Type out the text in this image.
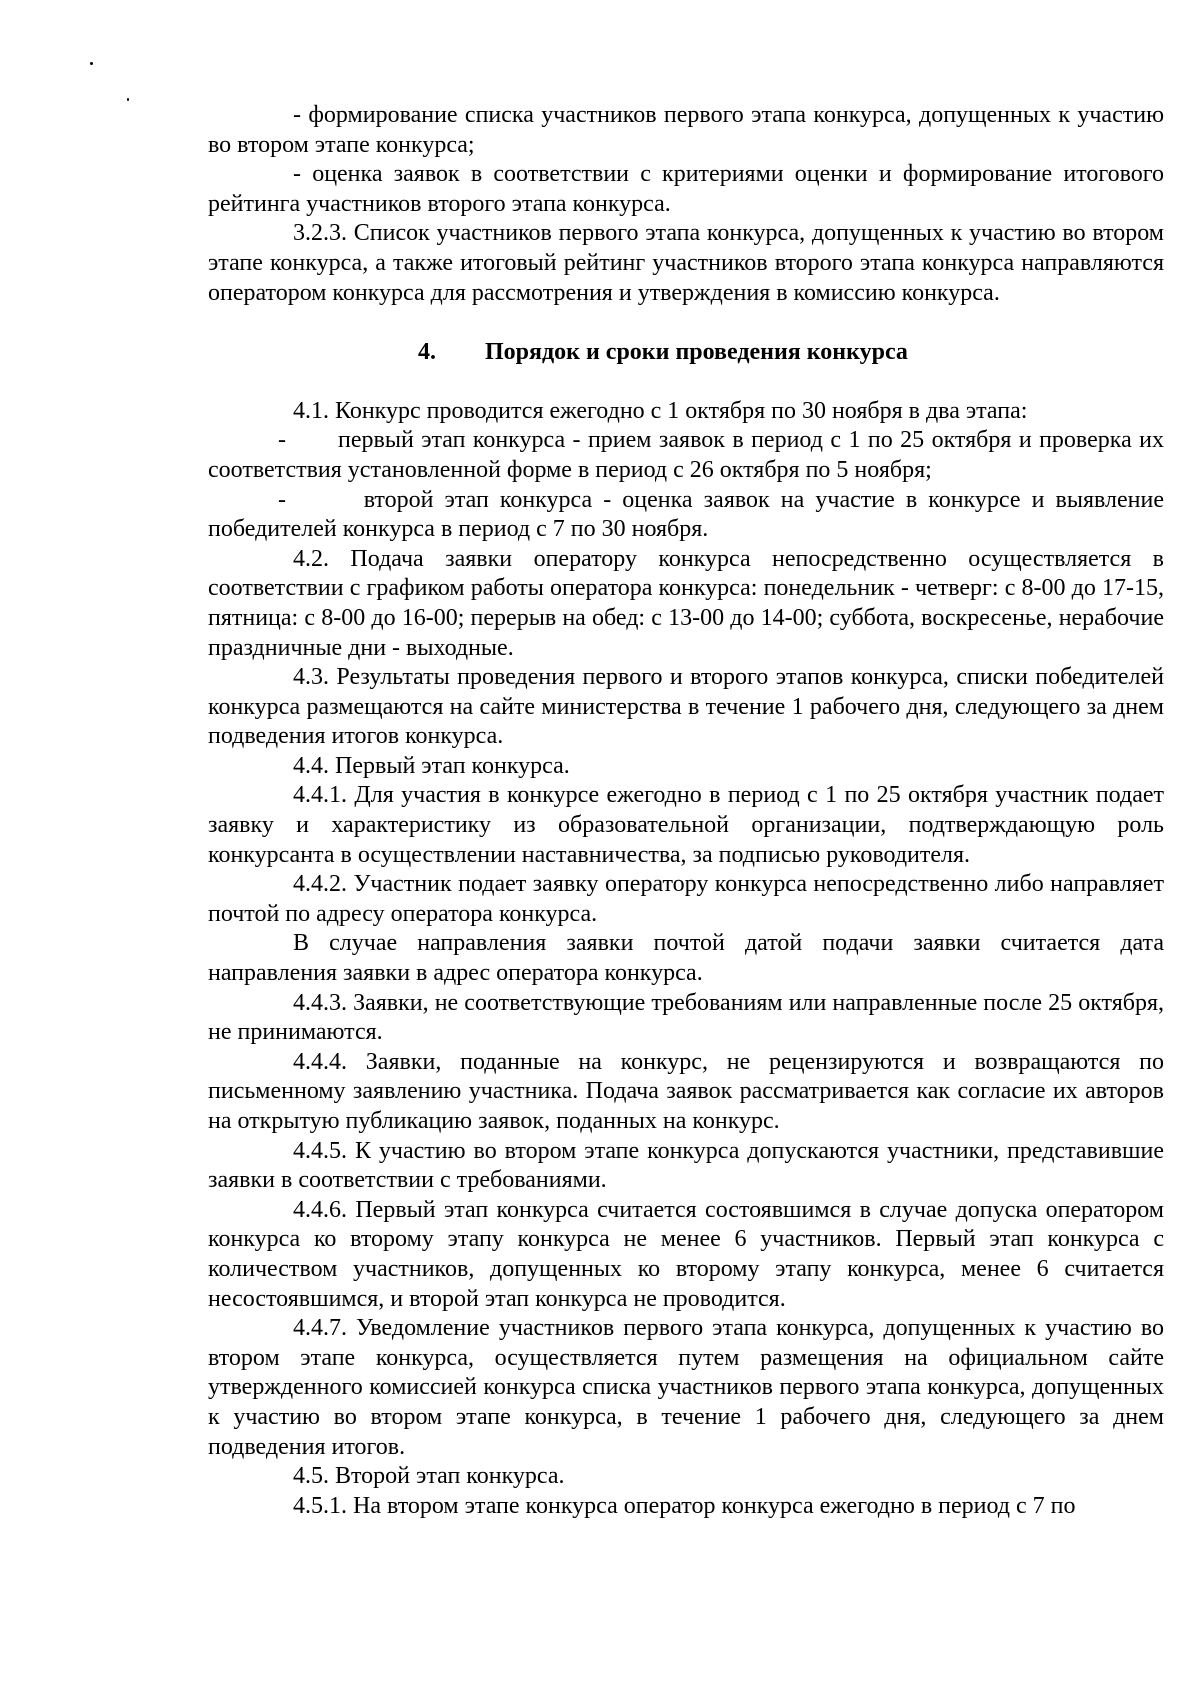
- формирование списка участников первого этапа конкурса, допущенных к участию во втором этапе конкурса;

- оценка заявок в соответствии с критериями оценки и формирование итогового рейтинга участников второго этапа конкурса.

3.2.3. Список участников первого этапа конкурса, допущенных к участию во втором этапе конкурса, а также итоговый рейтинг участников второго этапа конкурса направляются оператором конкурса для рассмотрения и утверждения в комиссию конкурса.

4. Порядок и сроки проведения конкурса

4.1. Конкурс проводится ежегодно с 1 октября по 30 ноября в два этапа:

-       первый этап конкурса - прием заявок в период с 1 по 25 октября и проверка их соответствия установленной форме в период с 26 октября по 5 ноября;

-       второй этап конкурса - оценка заявок на участие в конкурсе и выявление победителей конкурса в период с 7 по 30 ноября.

4.2. Подача заявки оператору конкурса непосредственно осуществляется в соответствии с графиком работы оператора конкурса: понедельник - четверг: с 8-00 до 17-15, пятница: с 8-00 до 16-00; перерыв на обед: с 13-00 до 14-00; суббота, воскресенье, нерабочие праздничные дни - выходные.

4.3. Результаты проведения первого и второго этапов конкурса, списки победителей конкурса размещаются на сайте министерства в течение 1 рабочего дня, следующего за днем подведения итогов конкурса.

4.4. Первый этап конкурса.

4.4.1. Для участия в конкурсе ежегодно в период с 1 по 25 октября участник подает заявку и характеристику из образовательной организации, подтверждающую роль конкурсанта в осуществлении наставничества, за подписью руководителя.

4.4.2. Участник подает заявку оператору конкурса непосредственно либо направляет почтой по адресу оператора конкурса.

В случае направления заявки почтой датой подачи заявки считается дата направления заявки в адрес оператора конкурса.

4.4.3. Заявки, не соответствующие требованиям или направленные после 25 октября, не принимаются.

4.4.4. Заявки, поданные на конкурс, не рецензируются и возвращаются по письменному заявлению участника. Подача заявок рассматривается как согласие их авторов на открытую публикацию заявок, поданных на конкурс.

4.4.5. К участию во втором этапе конкурса допускаются участники, представившие заявки в соответствии с требованиями.

4.4.6. Первый этап конкурса считается состоявшимся в случае допуска оператором конкурса ко второму этапу конкурса не менее 6 участников. Первый этап конкурса с количеством участников, допущенных ко второму этапу конкурса, менее 6 считается несостоявшимся, и второй этап конкурса не проводится.

4.4.7. Уведомление участников первого этапа конкурса, допущенных к участию во втором этапе конкурса, осуществляется путем размещения на официальном сайте утвержденного комиссией конкурса списка участников первого этапа конкурса, допущенных к участию во втором этапе конкурса, в течение 1 рабочего дня, следующего за днем подведения итогов.

4.5. Второй этап конкурса.

4.5.1. На втором этапе конкурса оператор конкурса ежегодно в период с 7 по
